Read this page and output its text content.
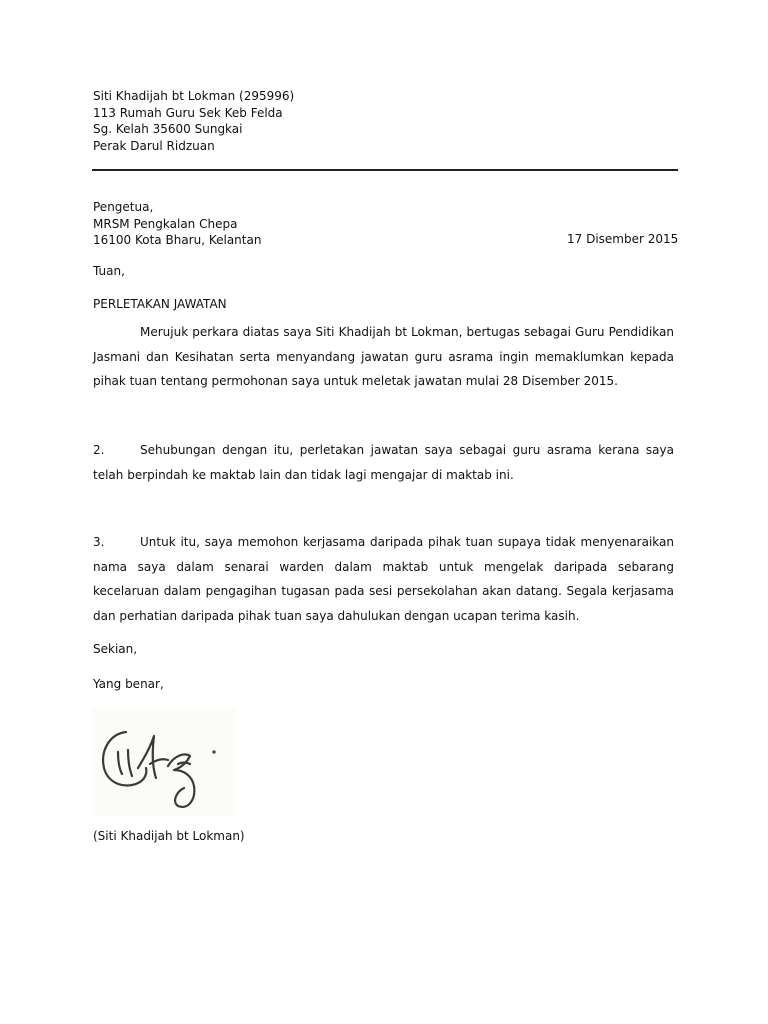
Siti Khadijah bt Lokman (295996)
113 Rumah Guru Sek Keb Felda
Sg. Kelah 35600 Sungkai
Perak Darul Ridzuan
Pengetua,
MRSM Pengkalan Chepa
16100 Kota Bharu, Kelantan	17 Disember 2015
Tuan,
PERLETAKAN JAWATAN
Merujuk perkara diatas saya Siti Khadijah bt Lokman, bertugas sebagai Guru Pendidikan Jasmani dan Kesihatan serta menyandang jawatan guru asrama ingin memaklumkan kepada pihak tuan tentang permohonan saya untuk meletak jawatan mulai 28 Disember 2015.
2.	Sehubungan dengan itu, perletakan jawatan saya sebagai guru asrama kerana saya telah berpindah ke maktab lain dan tidak lagi mengajar di maktab ini.
3.	Untuk itu, saya memohon kerjasama daripada pihak tuan supaya tidak menyenaraikan nama saya dalam senarai warden dalam maktab untuk mengelak daripada sebarang kecelaruan dalam pengagihan tugasan pada sesi persekolahan akan datang. Segala kerjasama dan perhatian daripada pihak tuan saya dahulukan dengan ucapan terima kasih.
Sekian,
Yang benar,
(Siti Khadijah bt Lokman)
